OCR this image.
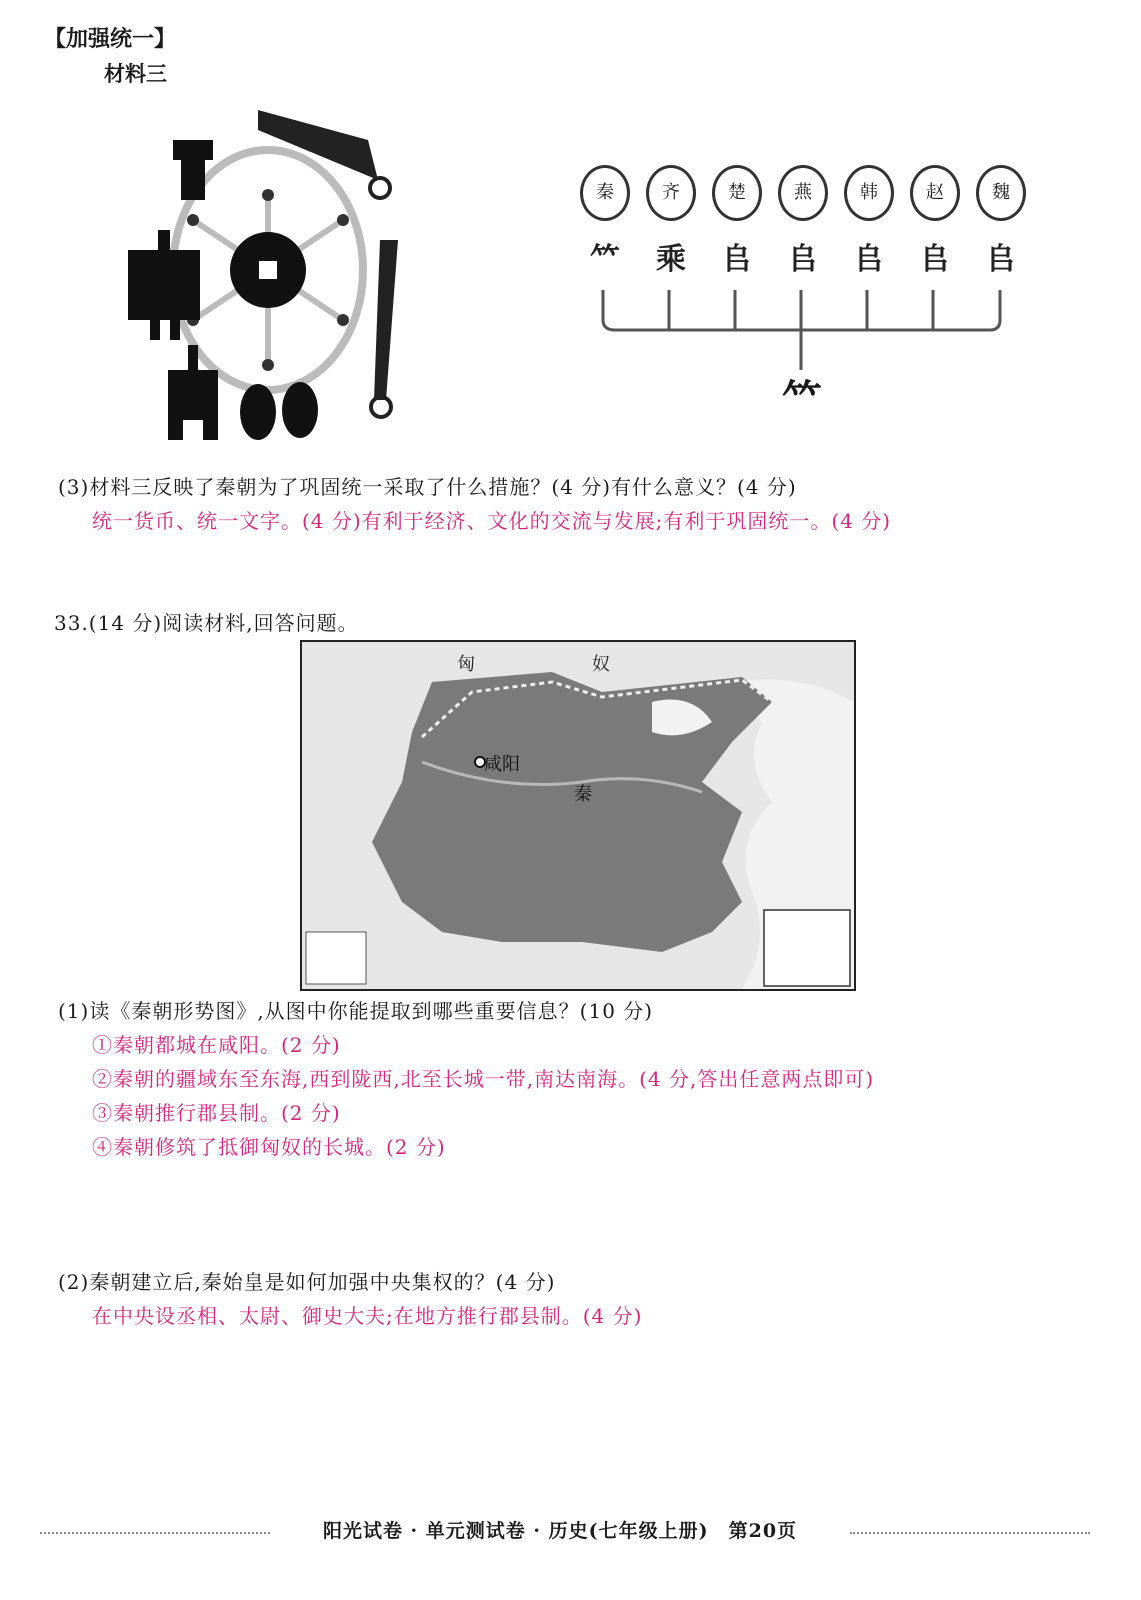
【加强统一】
材料三
秦	齐	楚	燕	韩	赵	魏
𥫗 乘 𠂤 𠂤 𠂤 𠂤 𠂤
𥫗
(3)材料三反映了秦朝为了巩固统一采取了什么措施？(4 分)有什么意义？(4 分)
统一货币、统一文字。(4 分)有利于经济、文化的交流与发展;有利于巩固统一。(4 分)
33.(14 分)阅读材料,回答问题。
匈	奴
咸阳
秦
(1)读《秦朝形势图》,从图中你能提取到哪些重要信息？(10 分)
①秦朝都城在咸阳。(2 分)
②秦朝的疆域东至东海,西到陇西,北至长城一带,南达南海。(4 分,答出任意两点即可)
③秦朝推行郡县制。(2 分)
④秦朝修筑了抵御匈奴的长城。(2 分)
(2)秦朝建立后,秦始皇是如何加强中央集权的？(4 分)
在中央设丞相、太尉、御史大夫;在地方推行郡县制。(4 分)
阳光试卷 · 单元测试卷 · 历史(七年级上册)　第20页
